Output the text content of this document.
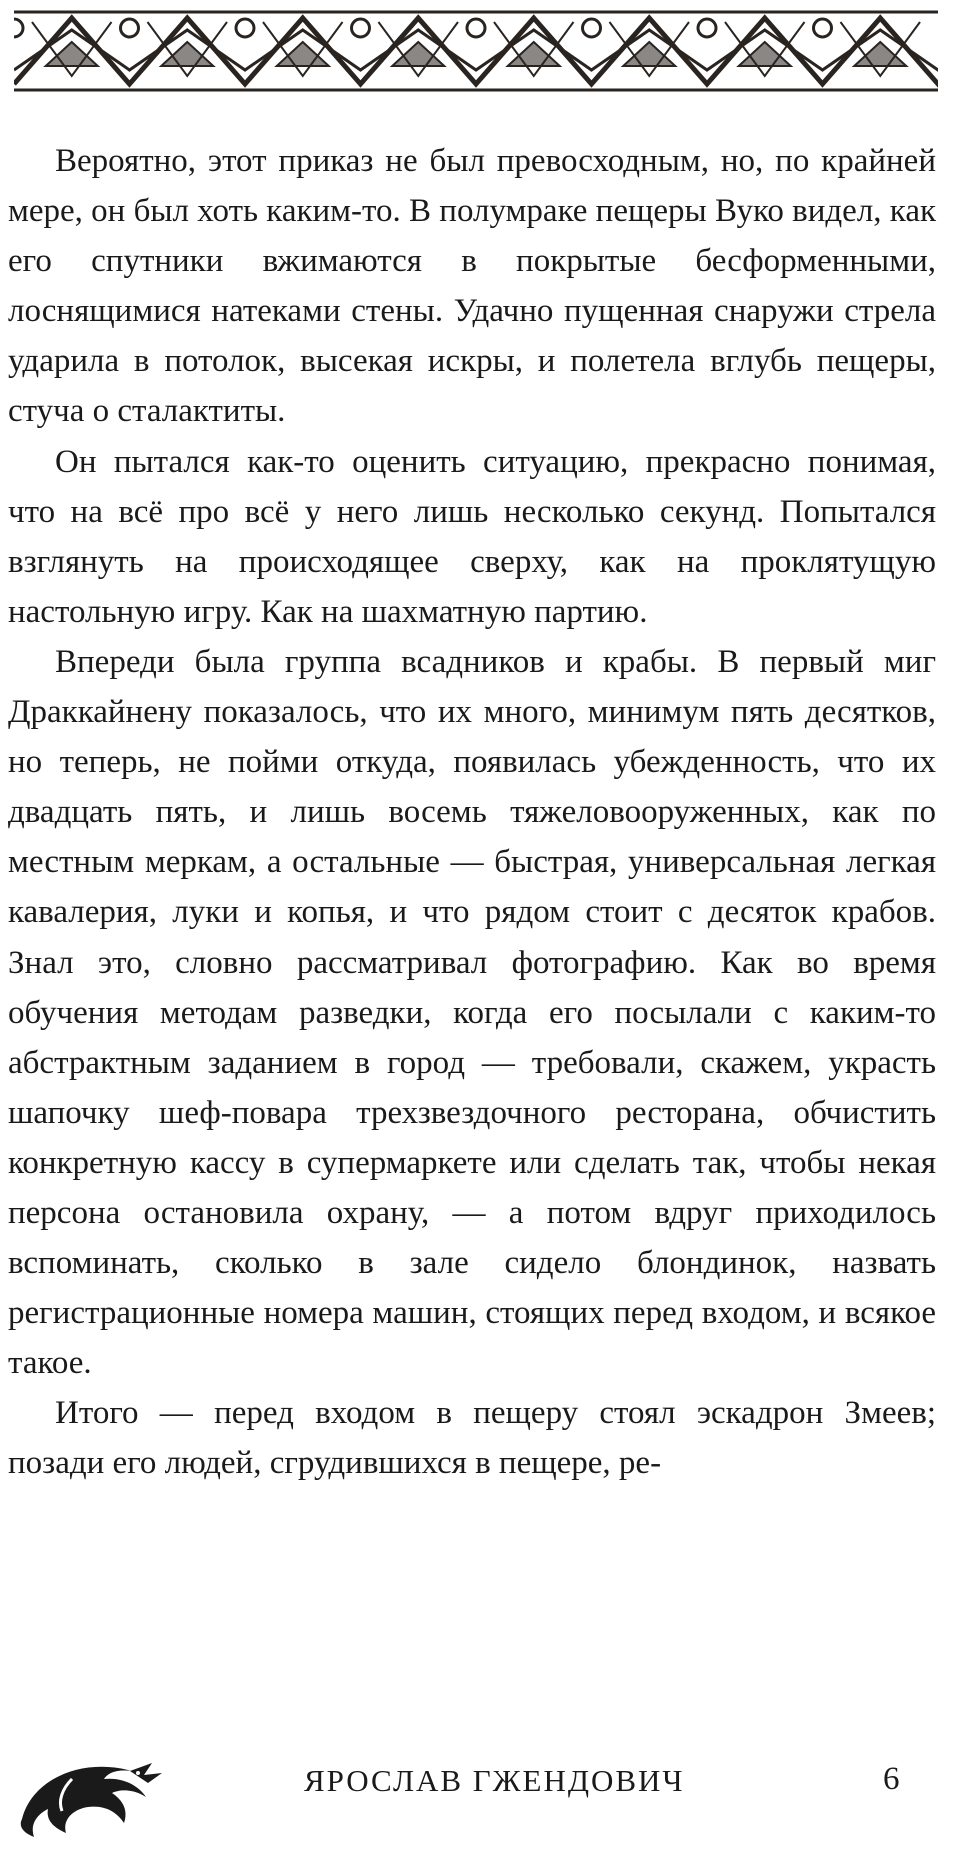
Вероятно, этот приказ не был превосходным, но, по крайней мере, он был хоть каким-то. В полумраке пещеры Вуко видел, как его спутники вжимаются в покрытые бесформенными, лоснящимися натеками стены. Удачно пущенная снаружи стрела ударила в потолок, высекая искры, и полетела вглубь пещеры, стуча о сталактиты.

Он пытался как-то оценить ситуацию, прекрасно понимая, что на всё про всё у него лишь несколько секунд. Попытался взглянуть на происходящее сверху, как на проклятущую настольную игру. Как на шахматную партию.

Впереди была группа всадников и крабы. В первый миг Драккайнену показалось, что их много, минимум пять десятков, но теперь, не пойми откуда, появилась убежденность, что их двадцать пять, и лишь восемь тяжеловооруженных, как по местным меркам, а остальные — быстрая, универсальная легкая кавалерия, луки и копья, и что рядом стоит с десяток крабов. Знал это, словно рассматривал фотографию. Как во время обучения методам разведки, когда его посылали с каким-то абстрактным заданием в город — требовали, скажем, украсть шапочку шеф-повара трехзвездочного ресторана, обчистить конкретную кассу в супермаркете или сделать так, чтобы некая персона остановила охрану, — а потом вдруг приходилось вспоминать, сколько в зале сидело блондинок, назвать регистрационные номера машин, стоящих перед входом, и всякое такое.

Итого — перед входом в пещеру стоял эскадрон Змеев; позади его людей, сгрудившихся в пещере, ре-

ЯРОСЛАВ ГЖЕНДОВИЧ	6
